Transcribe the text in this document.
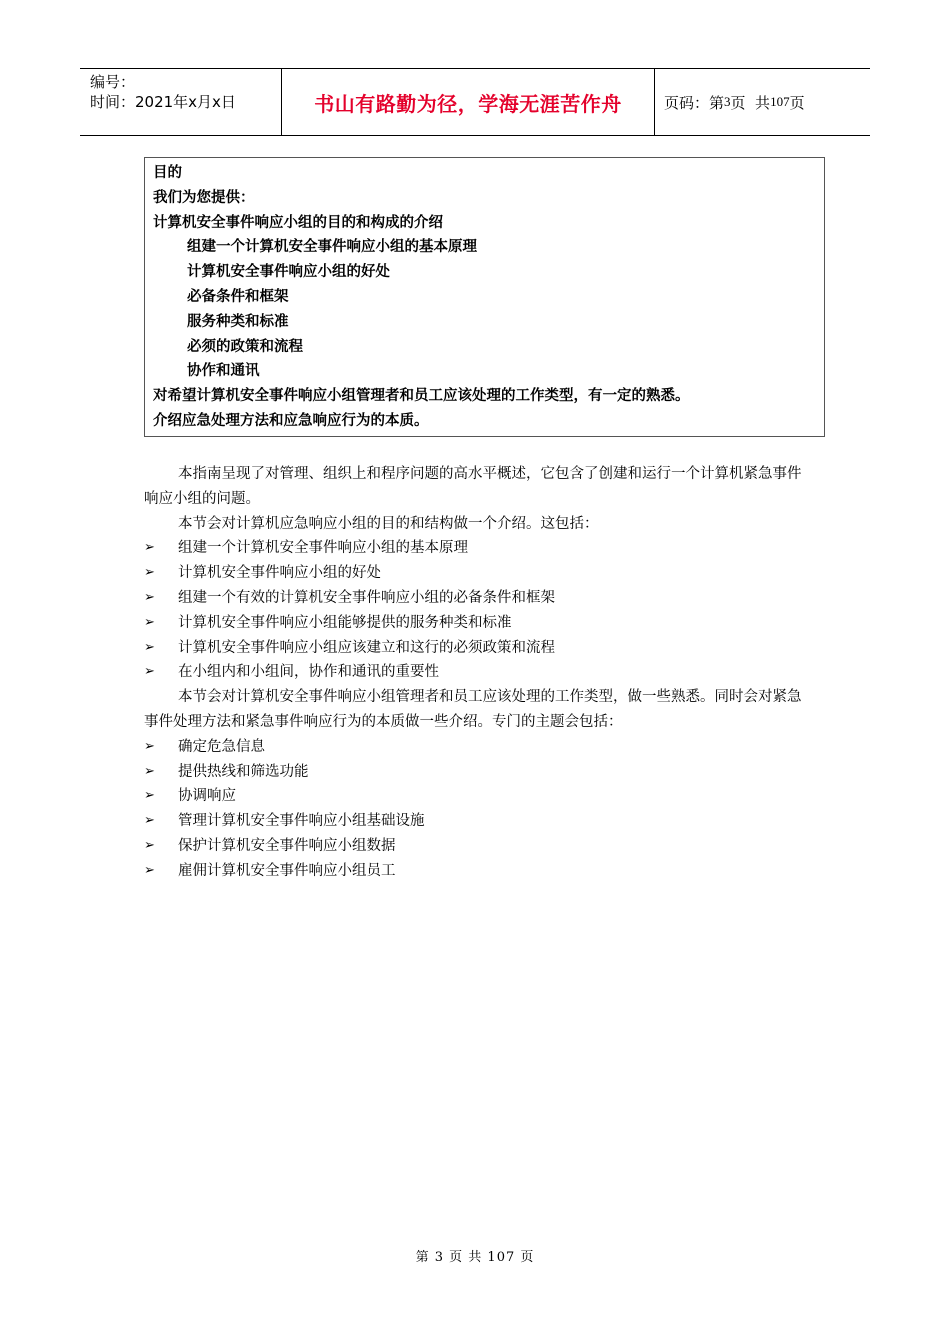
编号：
时间：2021年x月x日	书山有路勤为径，学海无涯苦作舟	页码：第 3 页  共 107 页
目的
我们为您提供：
计算机安全事件响应小组的目的和构成的介绍
组建一个计算机安全事件响应小组的基本原理
计算机安全事件响应小组的好处
必备条件和框架
服务种类和标准
必须的政策和流程
协作和通讯
对希望计算机安全事件响应小组管理者和员工应该处理的工作类型，有一定的熟悉。
介绍应急处理方法和应急响应行为的本质。

本指南呈现了对管理、组织上和程序问题的高水平概述，它包含了创建和运行一个计算机紧急事件响应小组的问题。

本节会对计算机应急响应小组的目的和结构做一个介绍。这包括：

➢ 组建一个计算机安全事件响应小组的基本原理
➢ 计算机安全事件响应小组的好处
➢ 组建一个有效的计算机安全事件响应小组的必备条件和框架
➢ 计算机安全事件响应小组能够提供的服务种类和标准
➢ 计算机安全事件响应小组应该建立和这行的必须政策和流程
➢ 在小组内和小组间，协作和通讯的重要性

本节会对计算机安全事件响应小组管理者和员工应该处理的工作类型，做一些熟悉。同时会对紧急事件处理方法和紧急事件响应行为的本质做一些介绍。专门的主题会包括：

➢ 确定危急信息
➢ 提供热线和筛选功能
➢ 协调响应
➢ 管理计算机安全事件响应小组基础设施
➢ 保护计算机安全事件响应小组数据
➢ 雇佣计算机安全事件响应小组员工
第 3 页 共 107 页
